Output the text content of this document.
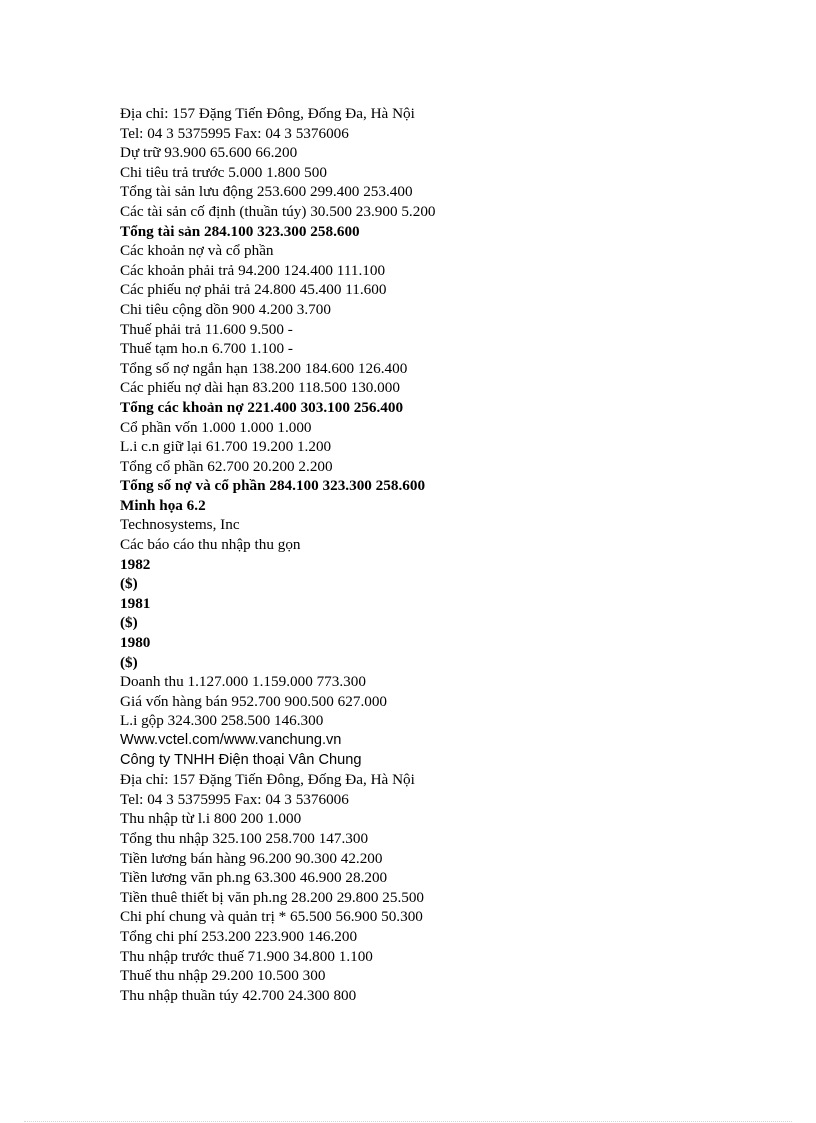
Địa chỉ: 157 Đặng Tiến Đông, Đống Đa, Hà Nội
Tel: 04 3 5375995 Fax: 04 3 5376006
Dự trữ 93.900 65.600 66.200
Chi tiêu trả trước 5.000 1.800 500
Tổng tài sản lưu động 253.600 299.400 253.400
Các tài sản cố định (thuần túy) 30.500 23.900 5.200
Tổng tài sản 284.100 323.300 258.600
Các khoản nợ và cổ phần
Các khoản phải trả 94.200 124.400 111.100
Các phiếu nợ phải trả 24.800 45.400 11.600
Chi tiêu cộng dồn 900 4.200 3.700
Thuế phải trả 11.600 9.500 -
Thuế tạm ho.n 6.700 1.100 -
Tổng số nợ ngắn hạn 138.200 184.600 126.400
Các phiếu nợ dài hạn 83.200 118.500 130.000
Tổng các khoản nợ 221.400 303.100 256.400
Cổ phần vốn 1.000 1.000 1.000
L.i c.n giữ lại 61.700 19.200 1.200
Tổng cổ phần 62.700 20.200 2.200
Tổng số nợ và cổ phần 284.100 323.300 258.600
Minh họa 6.2
Technosystems, Inc
Các báo cáo thu nhập thu gọn
1982
($)
1981
($)
1980
($)
Doanh thu 1.127.000 1.159.000 773.300
Giá vốn hàng bán 952.700 900.500 627.000
L.i gộp 324.300 258.500 146.300
Www.vctel.com/www.vanchung.vn
Công ty TNHH Điện thoại Vân Chung
Địa chỉ: 157 Đặng Tiến Đông, Đống Đa, Hà Nội
Tel: 04 3 5375995 Fax: 04 3 5376006
Thu nhập từ l.i 800 200 1.000
Tổng thu nhập 325.100 258.700 147.300
Tiền lương bán hàng 96.200 90.300 42.200
Tiền lương văn ph.ng 63.300 46.900 28.200
Tiền thuê thiết bị văn ph.ng 28.200 29.800 25.500
Chi phí chung và quản trị * 65.500 56.900 50.300
Tổng chi phí 253.200 223.900 146.200
Thu nhập trước thuế 71.900 34.800 1.100
Thuế thu nhập 29.200 10.500 300
Thu nhập thuần túy 42.700 24.300 800
